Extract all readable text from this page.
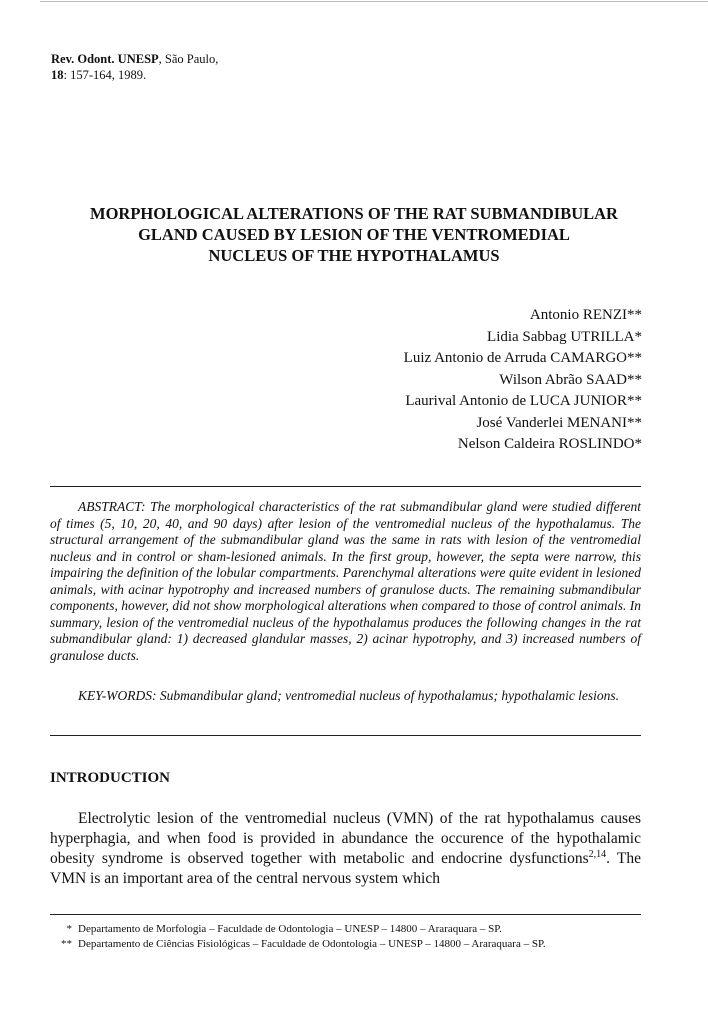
Rev. Odont. UNESP, São Paulo,
18: 157-164, 1989.
MORPHOLOGICAL ALTERATIONS OF THE RAT SUBMANDIBULAR
GLAND CAUSED BY LESION OF THE VENTROMEDIAL
NUCLEUS OF THE HYPOTHALAMUS
Antonio RENZI**
Lidia Sabbag UTRILLA*
Luiz Antonio de Arruda CAMARGO**
Wilson Abrão SAAD**
Laurival Antonio de LUCA JUNIOR**
José Vanderlei MENANI**
Nelson Caldeira ROSLINDO*
ABSTRACT: The morphological characteristics of the rat submandibular gland were studied different of times (5, 10, 20, 40, and 90 days) after lesion of the ventromedial nucleus of the hypothalamus. The structural arrangement of the submandibular gland was the same in rats with lesion of the ventromedial nucleus and in control or sham-lesioned animals. In the first group, however, the septa were narrow, this impairing the definition of the lobular compartments. Parenchymal alterations were quite evident in lesioned animals, with acinar hypotrophy and increased numbers of granulose ducts. The remaining submandibular components, however, did not show morphological alterations when compared to those of control animals. In summary, lesion of the ventromedial nucleus of the hypothalamus produces the following changes in the rat submandibular gland: 1) decreased glandular masses, 2) acinar hypotrophy, and 3) increased numbers of granulose ducts.
KEY-WORDS: Submandibular gland; ventromedial nucleus of hypothalamus; hypothalamic lesions.
INTRODUCTION
Electrolytic lesion of the ventromedial nucleus (VMN) of the rat hypothalamus causes hyperphagia, and when food is provided in abundance the occurence of the hypothalamic obesity syndrome is observed together with metabolic and endocrine dysfunctions$^{2,14}$. The VMN is an important area of the central nervous system which
* Departamento de Morfologia – Faculdade de Odontologia – UNESP – 14800 – Araraquara – SP.
** Departamento de Ciências Fisiológicas – Faculdade de Odontologia – UNESP – 14800 – Araraquara – SP.
